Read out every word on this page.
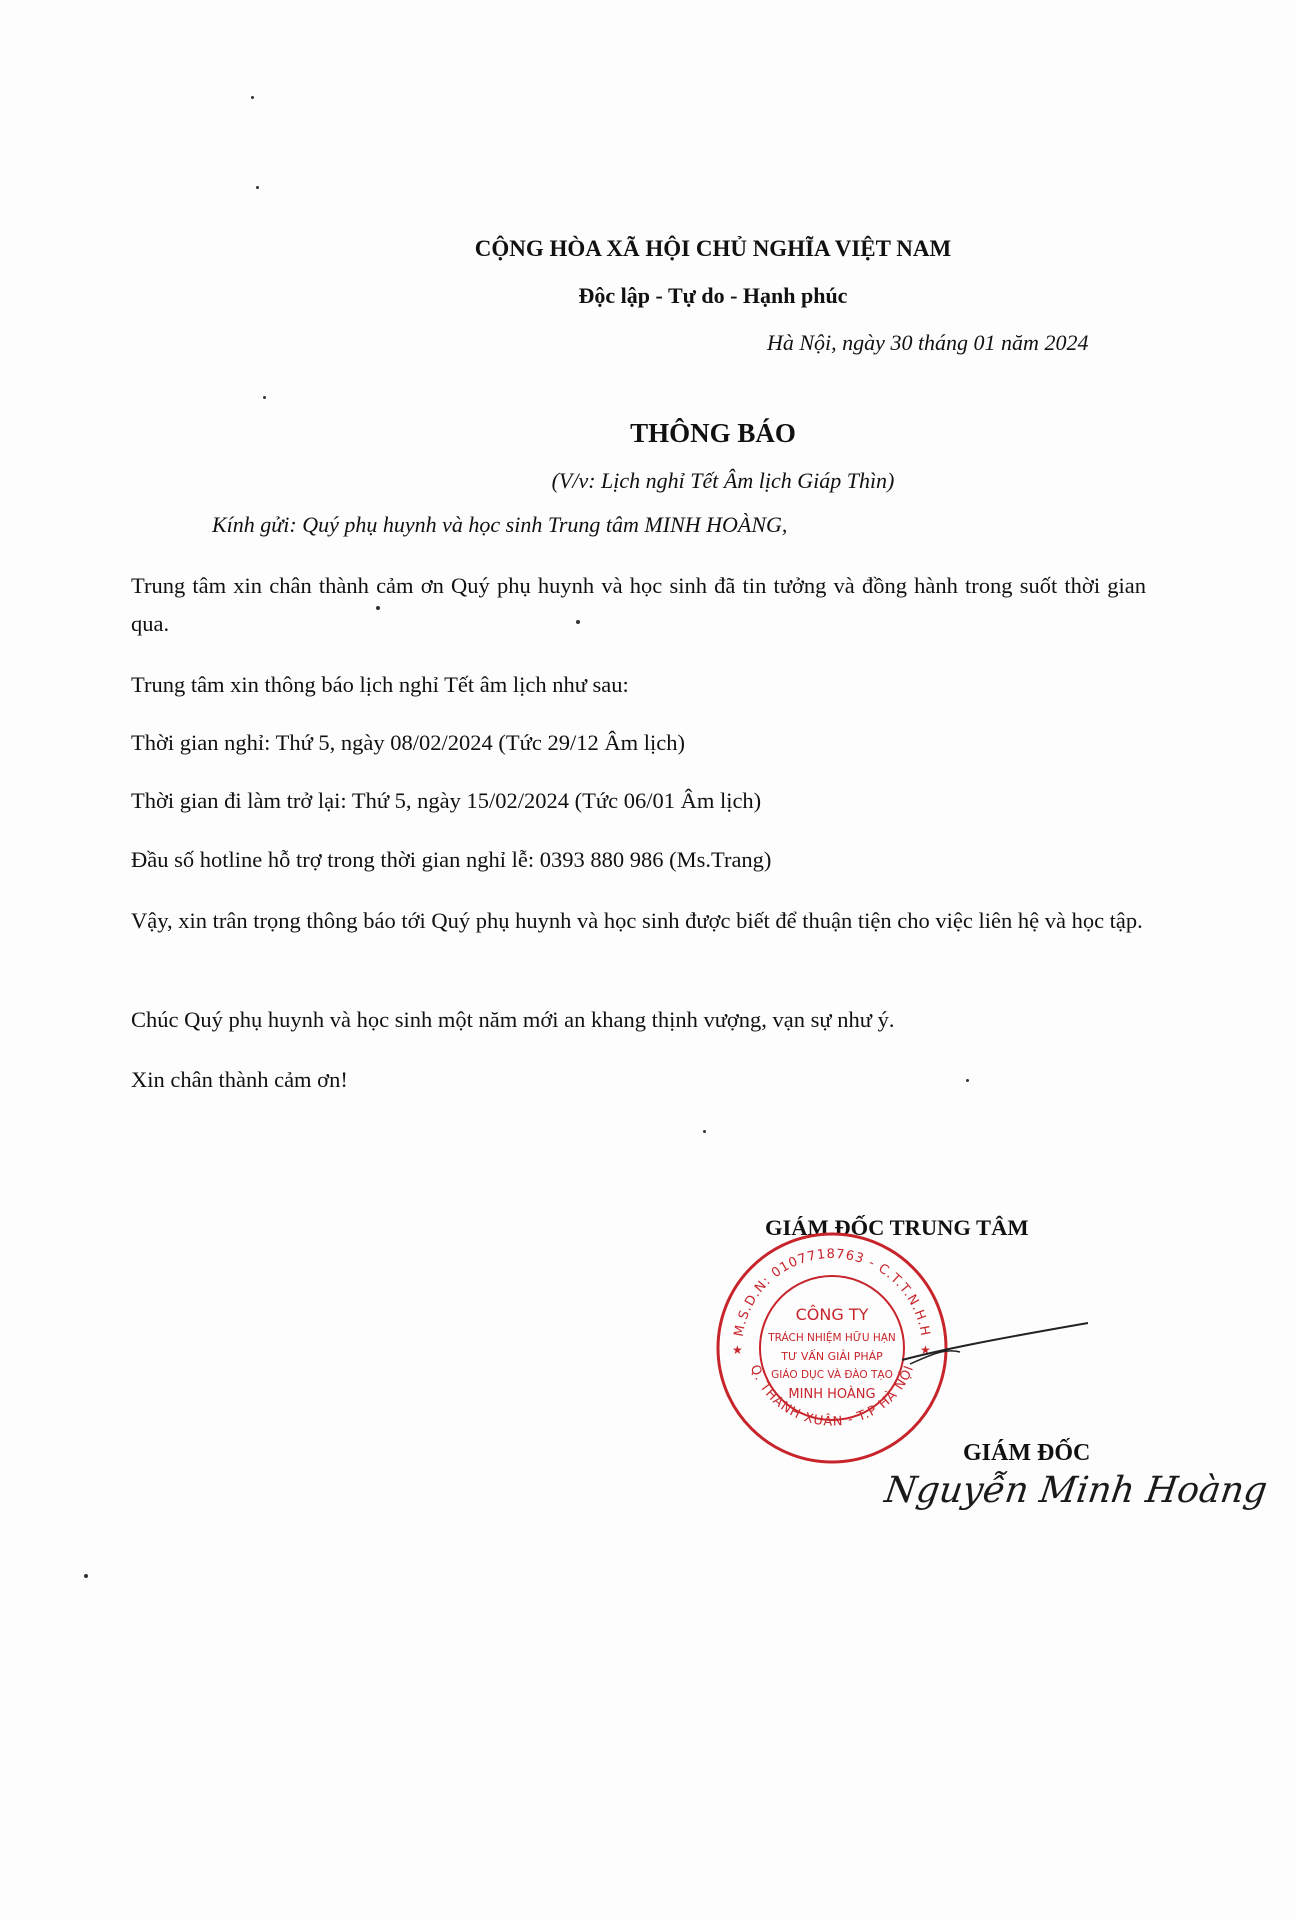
CỘNG HÒA XÃ HỘI CHỦ NGHĨA VIỆT NAM
Độc lập - Tự do - Hạnh phúc
Hà Nội, ngày 30 tháng 01 năm 2024
THÔNG BÁO
(V/v: Lịch nghỉ Tết Âm lịch Giáp Thìn)
Kính gửi: Quý phụ huynh và học sinh Trung tâm MINH HOÀNG,
Trung tâm xin chân thành cảm ơn Quý phụ huynh và học sinh đã tin tưởng và đồng hành trong suốt thời gian qua.
Trung tâm xin thông báo lịch nghỉ Tết âm lịch như sau:
Thời gian nghỉ: Thứ 5, ngày 08/02/2024 (Tức 29/12 Âm lịch)
Thời gian đi làm trở lại: Thứ 5, ngày 15/02/2024 (Tức 06/01 Âm lịch)
Đầu số hotline hỗ trợ trong thời gian nghỉ lễ: 0393 880 986 (Ms.Trang)
Vậy, xin trân trọng thông báo tới Quý phụ huynh và học sinh được biết để thuận tiện cho việc liên hệ và học tập.
Chúc Quý phụ huynh và học sinh một năm mới an khang thịnh vượng, vạn sự như ý.
Xin chân thành cảm ơn!
GIÁM ĐỐC TRUNG TÂM
M.S.D.N: 0107718763 - C.T.T.N.H.H
Q. THANH XUÂN - T.P HÀ NỘI
CÔNG TY
TRÁCH NHIỆM HỮU HẠN
TƯ VẤN GIẢI PHÁP
GIÁO DỤC VÀ ĐÀO TẠO
MINH HOÀNG
★	★
GIÁM ĐỐC
Nguyễn Minh Hoàng
